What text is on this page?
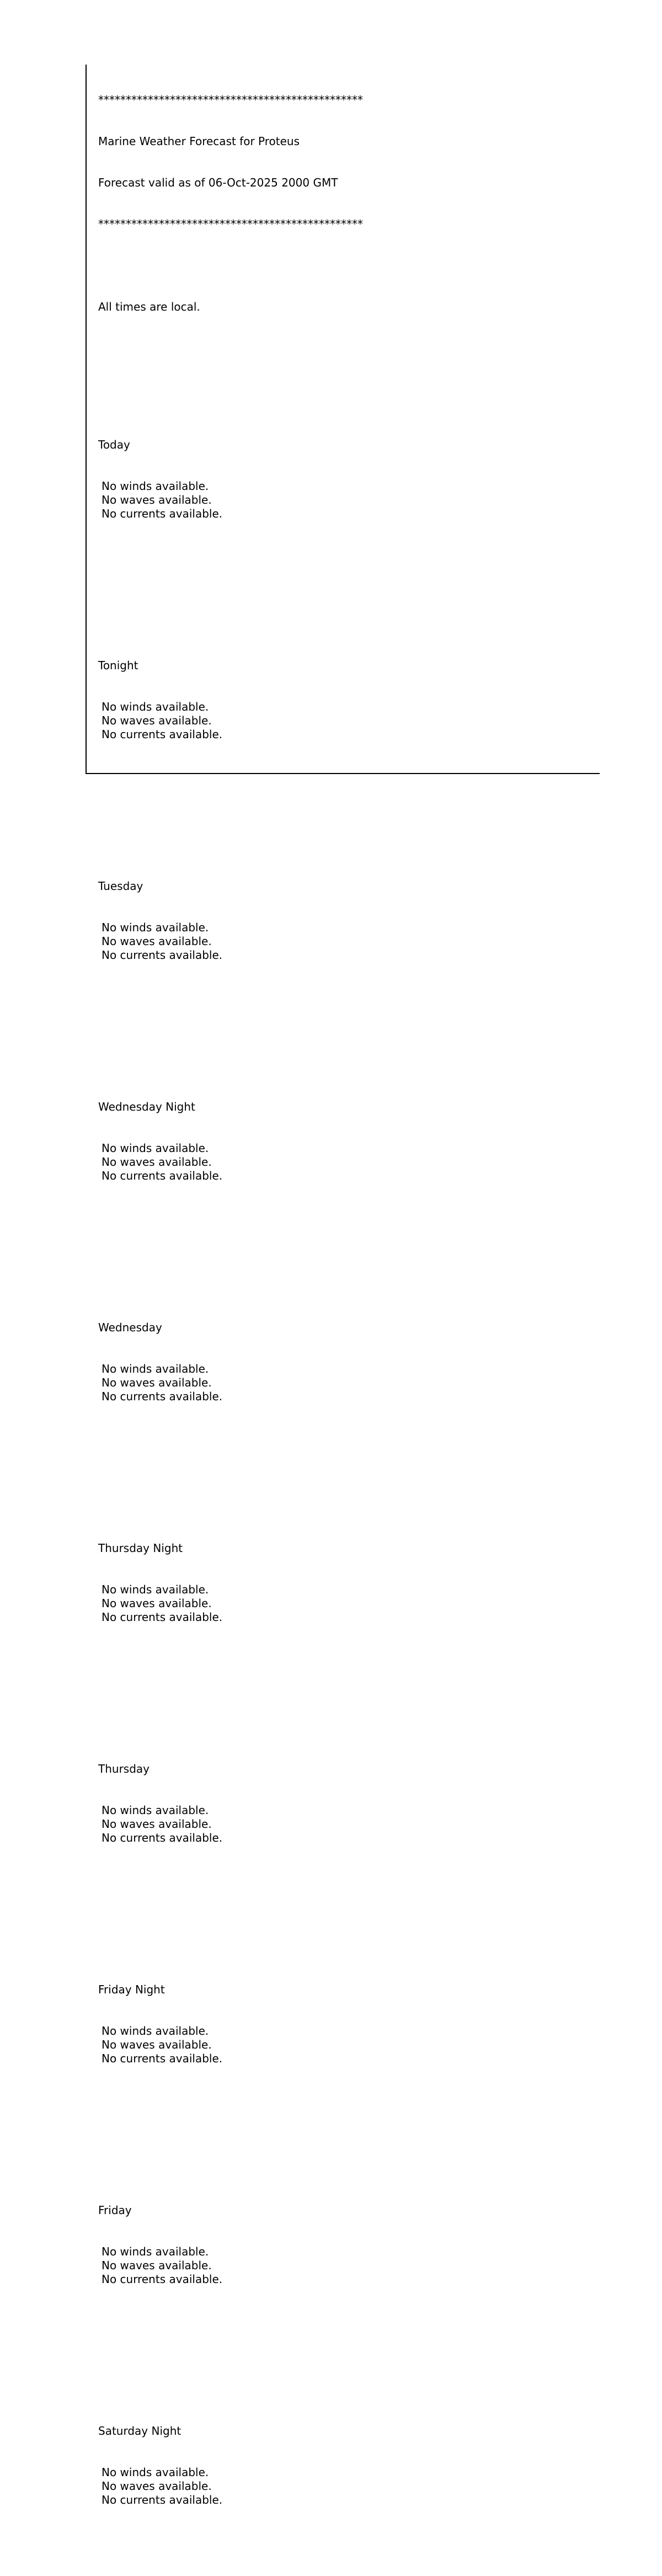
************************************************

Marine Weather Forecast for Proteus

Forecast valid as of 06-Oct-2025 2000 GMT

************************************************

All times are local.

Today

No winds available.
No waves available.
No currents available.

Tonight

No winds available.
No waves available.
No currents available.

Tuesday

No winds available.
No waves available.
No currents available.

Wednesday Night

No winds available.
No waves available.
No currents available.

Wednesday

No winds available.
No waves available.
No currents available.

Thursday Night

No winds available.
No waves available.
No currents available.

Thursday

No winds available.
No waves available.
No currents available.

Friday Night

No winds available.
No waves available.
No currents available.

Friday

No winds available.
No waves available.
No currents available.

Saturday Night

No winds available.
No waves available.
No currents available.
